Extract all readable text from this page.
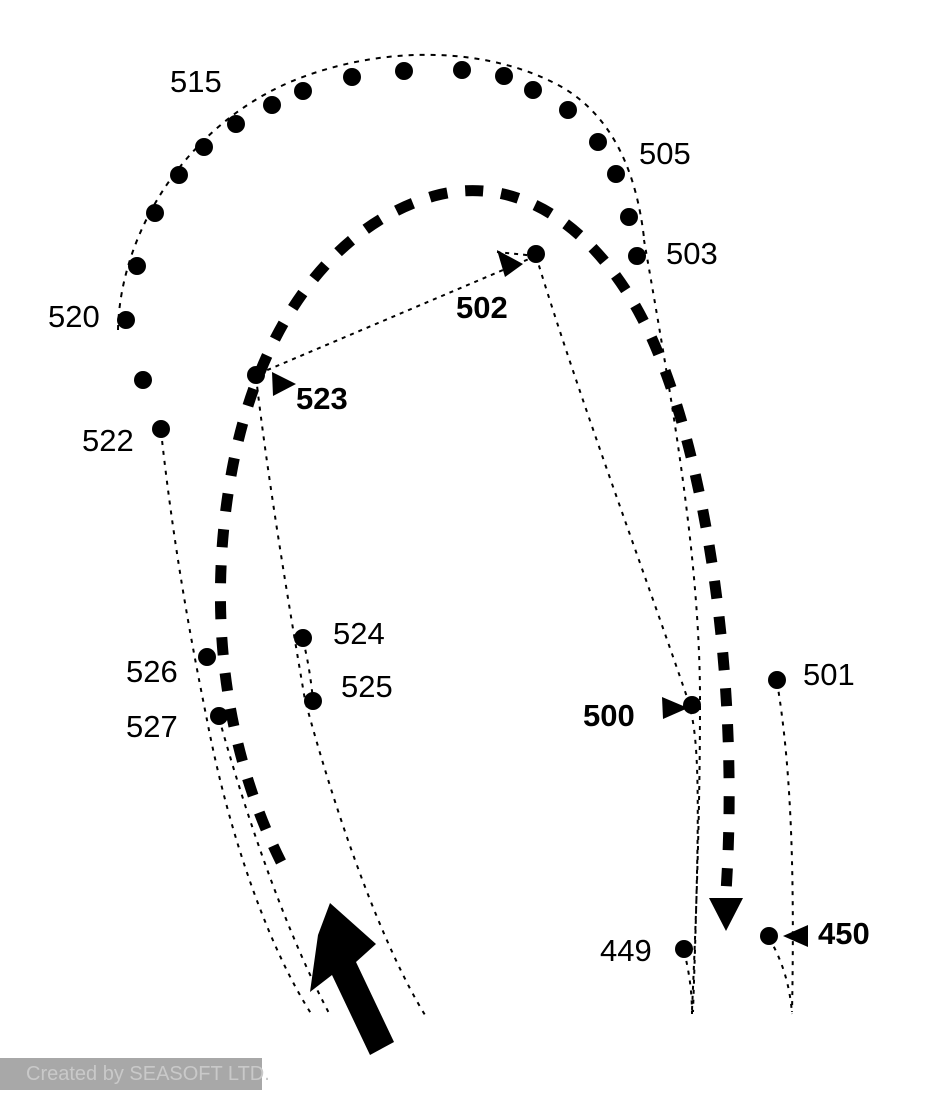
515
505
503
520	502
523
522
524
501
526	525
500
527
449	450
Created by SEASOFT LTD.
